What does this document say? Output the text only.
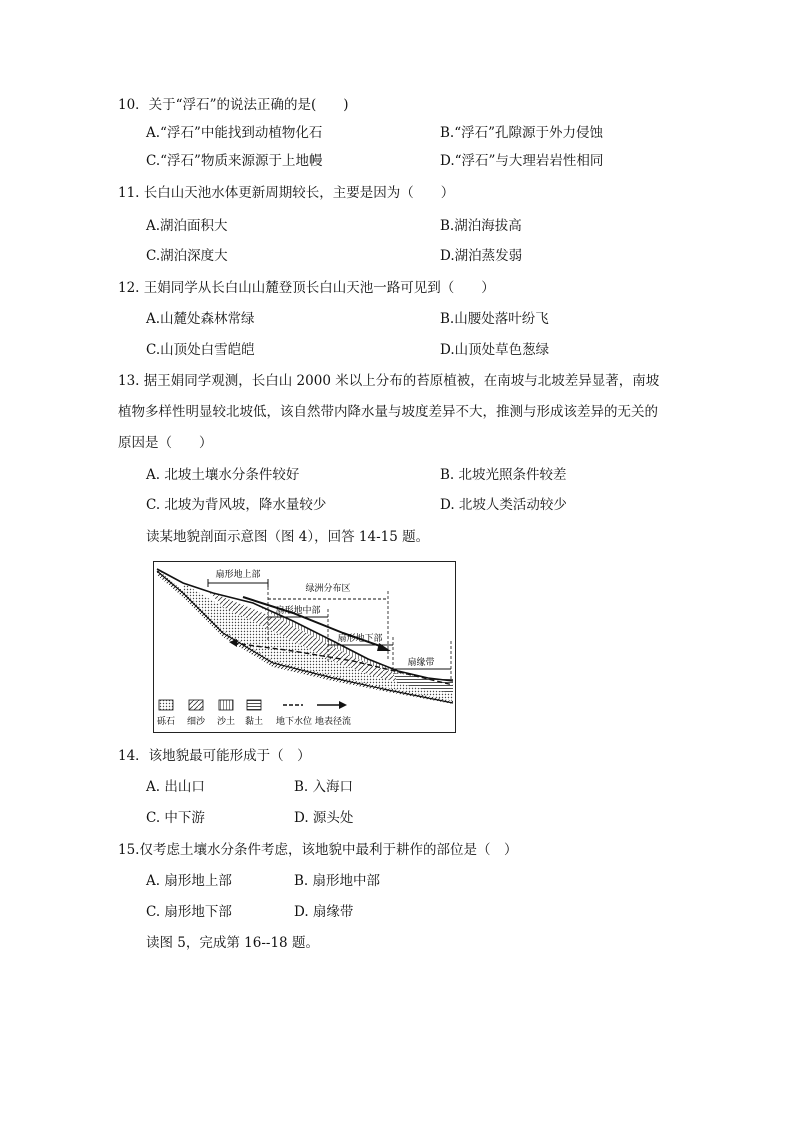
10．关于“浮石”的说法正确的是(　　)
A.“浮石”中能找到动植物化石	B.“浮石”孔隙源于外力侵蚀
C.“浮石”物质来源源于上地幔	D.“浮石”与大理岩岩性相同
11. 长白山天池水体更新周期较长，主要是因为（　　）
A.湖泊面积大	B.湖泊海拔高
C.湖泊深度大	D.湖泊蒸发弱
12. 王娟同学从长白山山麓登顶长白山天池一路可见到（　　）
A.山麓处森林常绿	B.山腰处落叶纷飞
C.山顶处白雪皑皑	D.山顶处草色葱绿
13. 据王娟同学观测，长白山 2000 米以上分布的苔原植被，在南坡与北坡差异显著，南坡
植物多样性明显较北坡低，该自然带内降水量与坡度差异不大，推测与形成该差异的无关的
原因是（　　）
A. 北坡土壤水分条件较好	B. 北坡光照条件较差
C. 北坡为背风坡，降水量较少	D. 北坡人类活动较少
读某地貌剖面示意图（图 4），回答 14-15 题。
扇形地上部
绿洲分布区
扇形地中部
扇形地下部
扇缘带
砾石 细沙 沙土 黏土 地下水位 地表径流
14．该地貌最可能形成于（　）
A. 出山口	B. 入海口
C. 中下游	D. 源头处
15.仅考虑土壤水分条件考虑，该地貌中最利于耕作的部位是（　）
A. 扇形地上部	B. 扇形地中部
C. 扇形地下部	D. 扇缘带
读图 5，完成第 16--18 题。
